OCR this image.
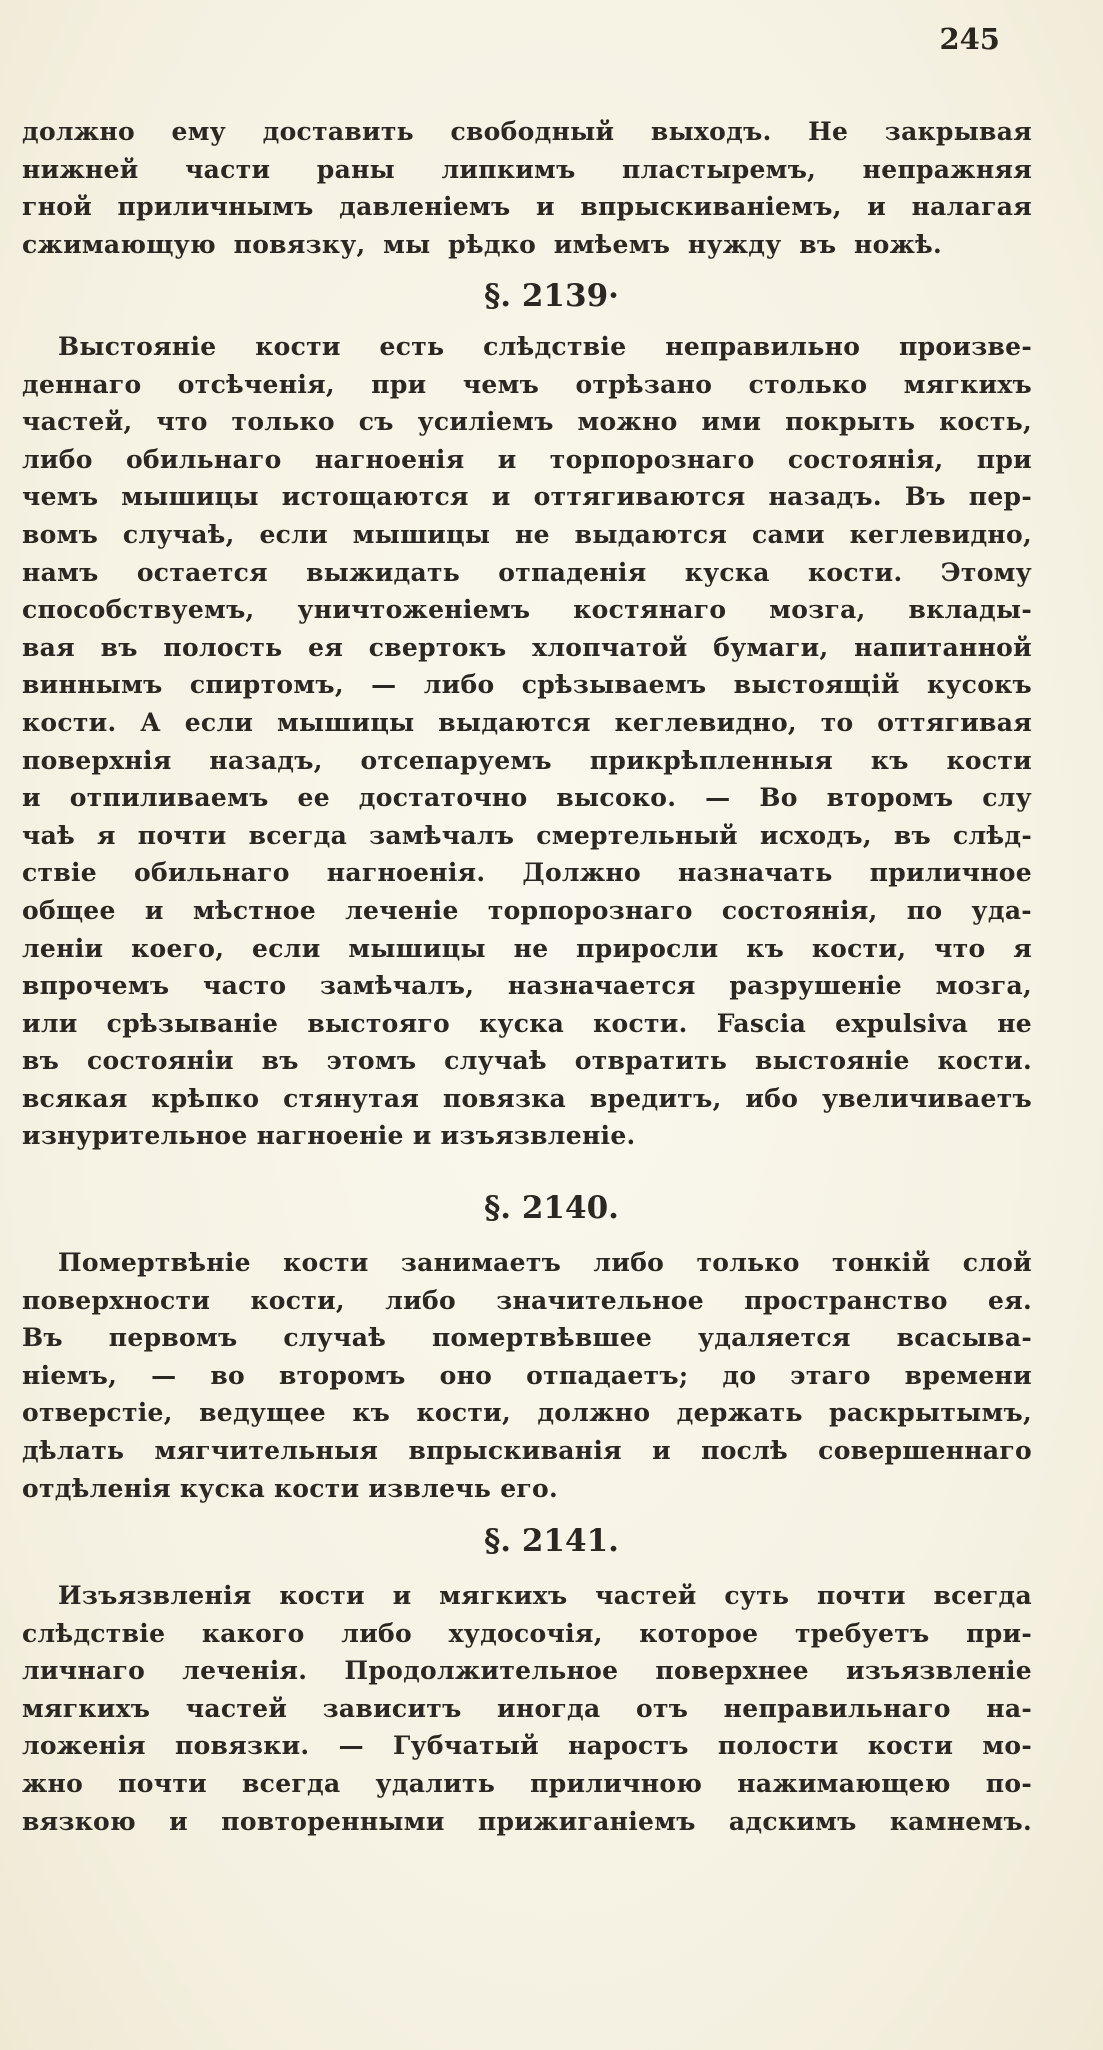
245
должно ему доставить свободный выходъ. Не закрывая
нижней части раны липкимъ пластыремъ, непражняя
гной приличнымъ давленіемъ и впрыскиваніемъ, и налагая
сжимающую повязку, мы рѣдко имѣемъ нужду въ ножѣ.
§. 2139·
Выстояніе кости есть слѣдствіе неправильно произве-
деннаго отсѣченія, при чемъ отрѣзано столько мягкихъ
частей, что только съ усиліемъ можно ими покрыть кость,
либо обильнаго нагноенія и торпорознаго состоянія, при
чемъ мышицы истощаются и оттягиваются назадъ. Въ пер-
вомъ случаѣ, если мышицы не выдаются сами кеглевидно,
намъ остается выжидать отпаденія куска кости. Этому
способствуемъ, уничтоженіемъ костянаго мозга, вклады-
вая въ полость ея свертокъ хлопчатой бумаги, напитанной
виннымъ спиртомъ, — либо срѣзываемъ выстоящій кусокъ
кости. А если мышицы выдаются кеглевидно, то оттягивая
поверхнія назадъ, отсепаруемъ прикрѣпленныя къ кости
и отпиливаемъ ее достаточно высоко. — Во второмъ слу
чаѣ я почти всегда замѣчалъ смертельный исходъ, въ слѣд-
ствіе обильнаго нагноенія. Должно назначать приличное
общее и мѣстное леченіе торпорознаго состоянія, по уда-
леніи коего, если мышицы не приросли къ кости, что я
впрочемъ часто замѣчалъ, назначается разрушеніе мозга,
или срѣзываніе выстояго куска кости. Fascia expulsiva не
въ состояніи въ этомъ случаѣ отвратить выстояніе кости.
всякая крѣпко стянутая повязка вредитъ, ибо увеличиваетъ
изнурительное нагноеніе и изъязвленіе.
§. 2140.
Помертвѣніе кости занимаетъ либо только тонкій слой
поверхности кости, либо значительное пространство ея.
Въ первомъ случаѣ помертвѣвшее удаляется всасыва-
ніемъ, — во второмъ оно отпадаетъ; до этаго времени
отверстіе, ведущее къ кости, должно держать раскрытымъ,
дѣлать мягчительныя впрыскиванія и послѣ совершеннаго
отдѣленія куска кости извлечь его.
§. 2141.
Изъязвленія кости и мягкихъ частей суть почти всегда
слѣдствіе какого либо худосочія, которое требуетъ при-
личнаго леченія. Продолжительное поверхнее изъязвленіе
мягкихъ частей зависитъ иногда отъ неправильнаго на-
ложенія повязки. — Губчатый наростъ полости кости мо-
жно почти всегда удалить приличною нажимающею по-
вязкою и повторенными прижиганіемъ адскимъ камнемъ.
